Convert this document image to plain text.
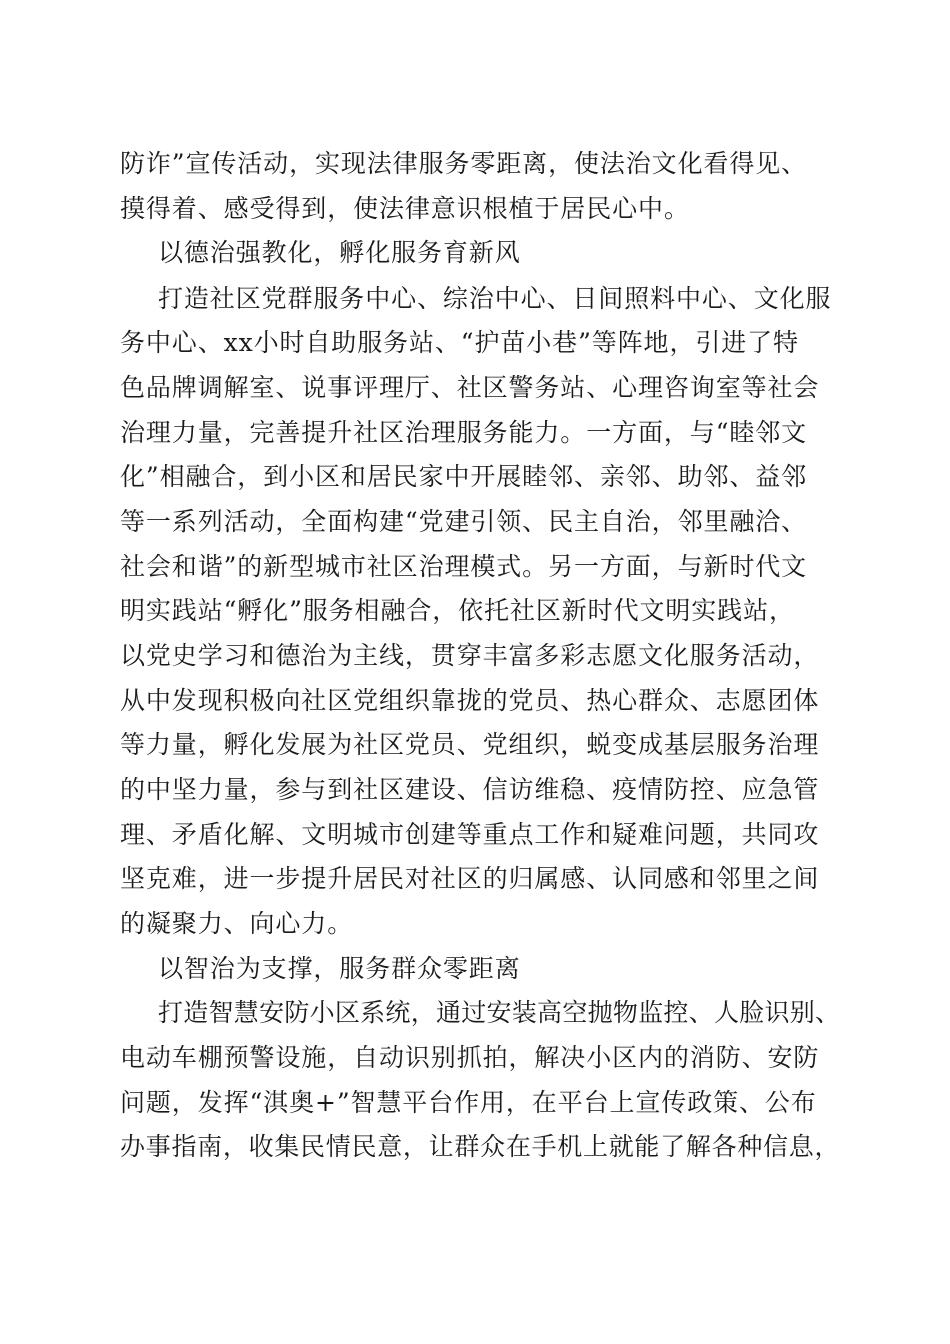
防诈”宣传活动，实现法律服务零距离，使法治文化看得见、
摸得着、感受得到，使法律意识根植于居民心中。
以德治强教化，孵化服务育新风
打造社区党群服务中心、综治中心、日间照料中心、文化服
务中心、xx小时自助服务站、“护苗小巷”等阵地，引进了特
色品牌调解室、说事评理厅、社区警务站、心理咨询室等社会
治理力量，完善提升社区治理服务能力。一方面，与“睦邻文
化”相融合，到小区和居民家中开展睦邻、亲邻、助邻、益邻
等一系列活动，全面构建“党建引领、民主自治，邻里融洽、
社会和谐”的新型城市社区治理模式。另一方面，与新时代文
明实践站“孵化”服务相融合，依托社区新时代文明实践站，
以党史学习和德治为主线，贯穿丰富多彩志愿文化服务活动，
从中发现积极向社区党组织靠拢的党员、热心群众、志愿团体
等力量，孵化发展为社区党员、党组织，蜕变成基层服务治理
的中坚力量，参与到社区建设、信访维稳、疫情防控、应急管
理、矛盾化解、文明城市创建等重点工作和疑难问题，共同攻
坚克难，进一步提升居民对社区的归属感、认同感和邻里之间
的凝聚力、向心力。
以智治为支撑，服务群众零距离
打造智慧安防小区系统，通过安装高空抛物监控、人脸识别、
电动车棚预警设施，自动识别抓拍，解决小区内的消防、安防
问题，发挥“淇奥+”智慧平台作用，在平台上宣传政策、公布
办事指南，收集民情民意，让群众在手机上就能了解各种信息，
